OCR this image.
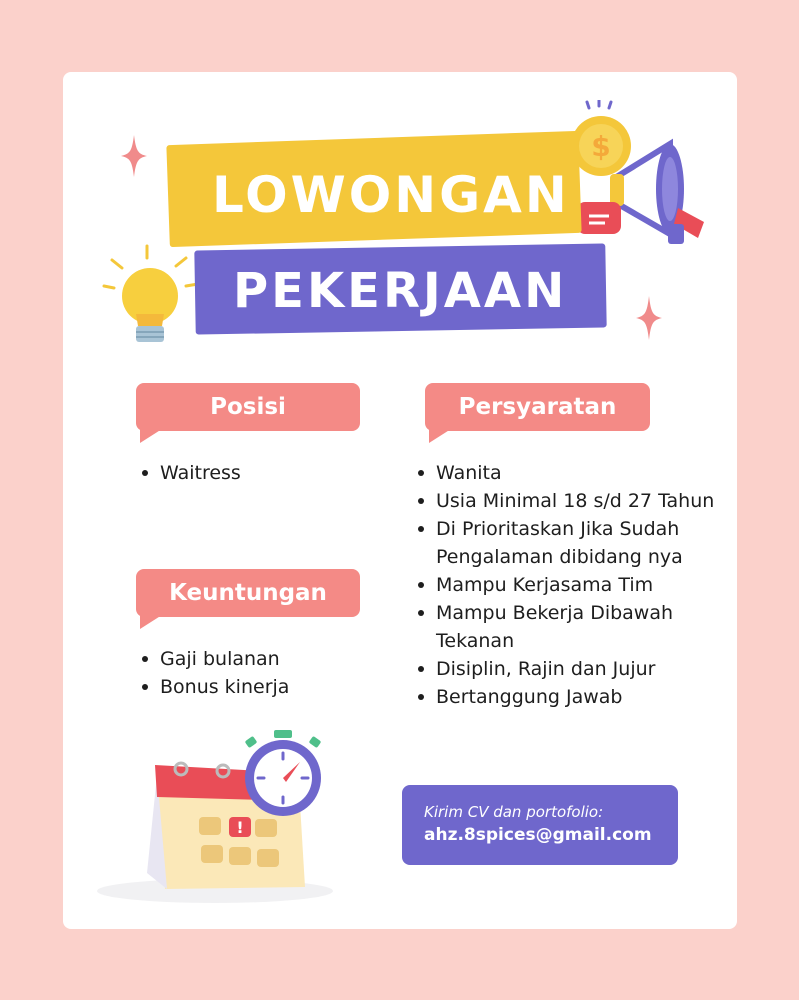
$
!
LOWONGAN
PEKERJAAN
Posisi	Persyaratan
Keuntungan
Waitress
Gaji bulanan
Bonus kinerja
Wanita
Usia Minimal 18 s/d 27 Tahun
Di Prioritaskan Jika Sudah Pengalaman dibidang nya
Mampu Kerjasama Tim
Mampu Bekerja Dibawah Tekanan
Disiplin, Rajin dan Jujur
Bertanggung Jawab
Kirim CV dan portofolio:
ahz.8spices@gmail.com
